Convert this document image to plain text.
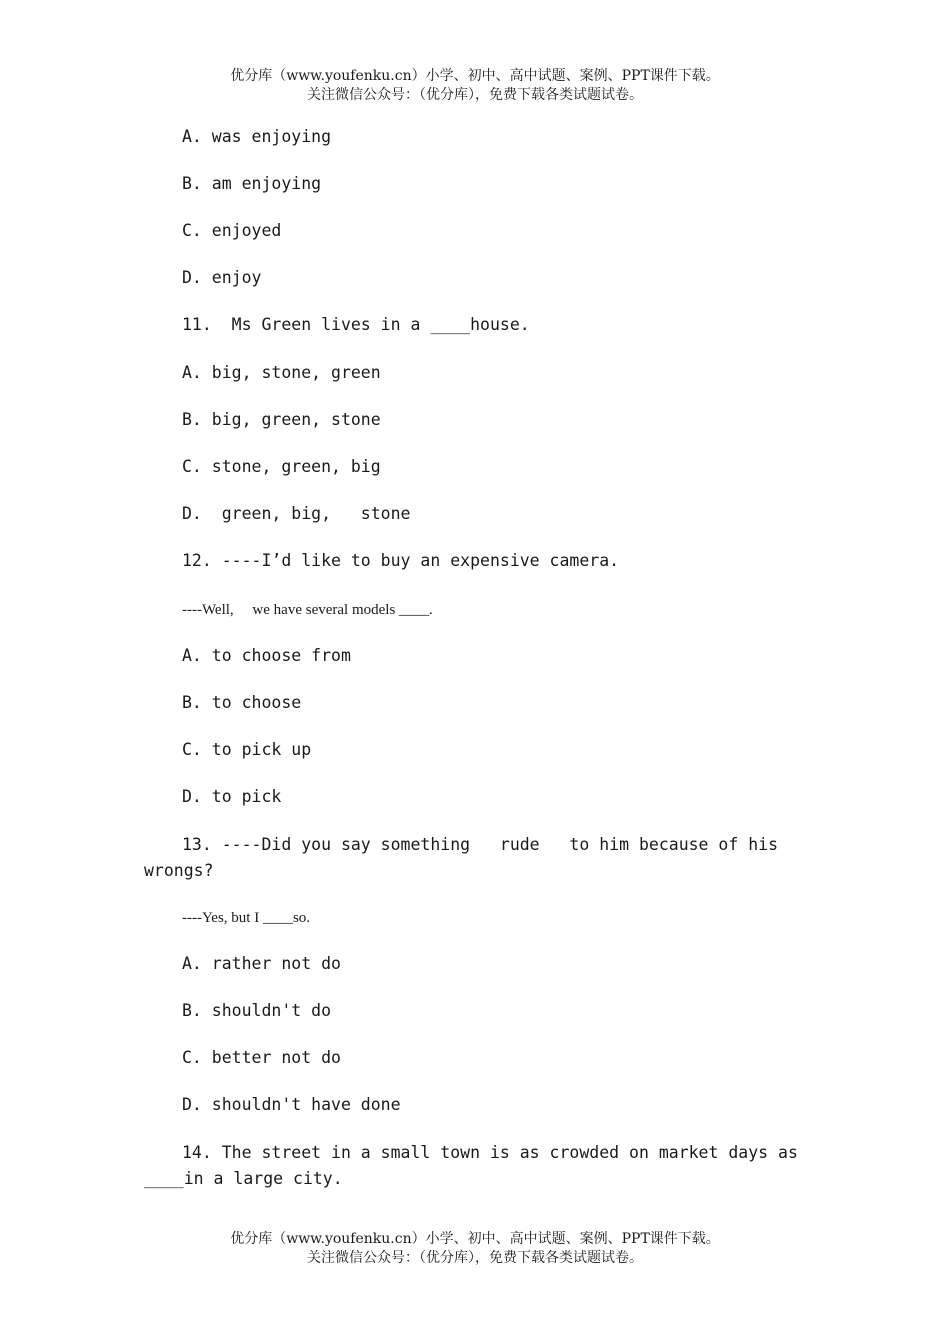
优分库（www.youfenku.cn）小学、初中、高中试题、案例、PPT课件下载。
关注微信公众号：（优分库），免费下载各类试题试卷。
A. was enjoying
B. am enjoying
C. enjoyed
D. enjoy
11.  Ms Green lives in a ____house.
A. big, stone, green
B. big, green, stone
C. stone, green, big
D.  green, big,   stone
12. ----I’d like to buy an expensive camera.
----Well,     we have several models ____.
A. to choose from
B. to choose
C. to pick up
D. to pick
13. ----Did you say something   rude   to him because of his
wrongs?
----Yes, but I ____so.
A. rather not do
B. shouldn't do
C. better not do
D. shouldn't have done
14. The street in a small town is as crowded on market days as
____in a large city.
优分库（www.youfenku.cn）小学、初中、高中试题、案例、PPT课件下载。
关注微信公众号：（优分库），免费下载各类试题试卷。
